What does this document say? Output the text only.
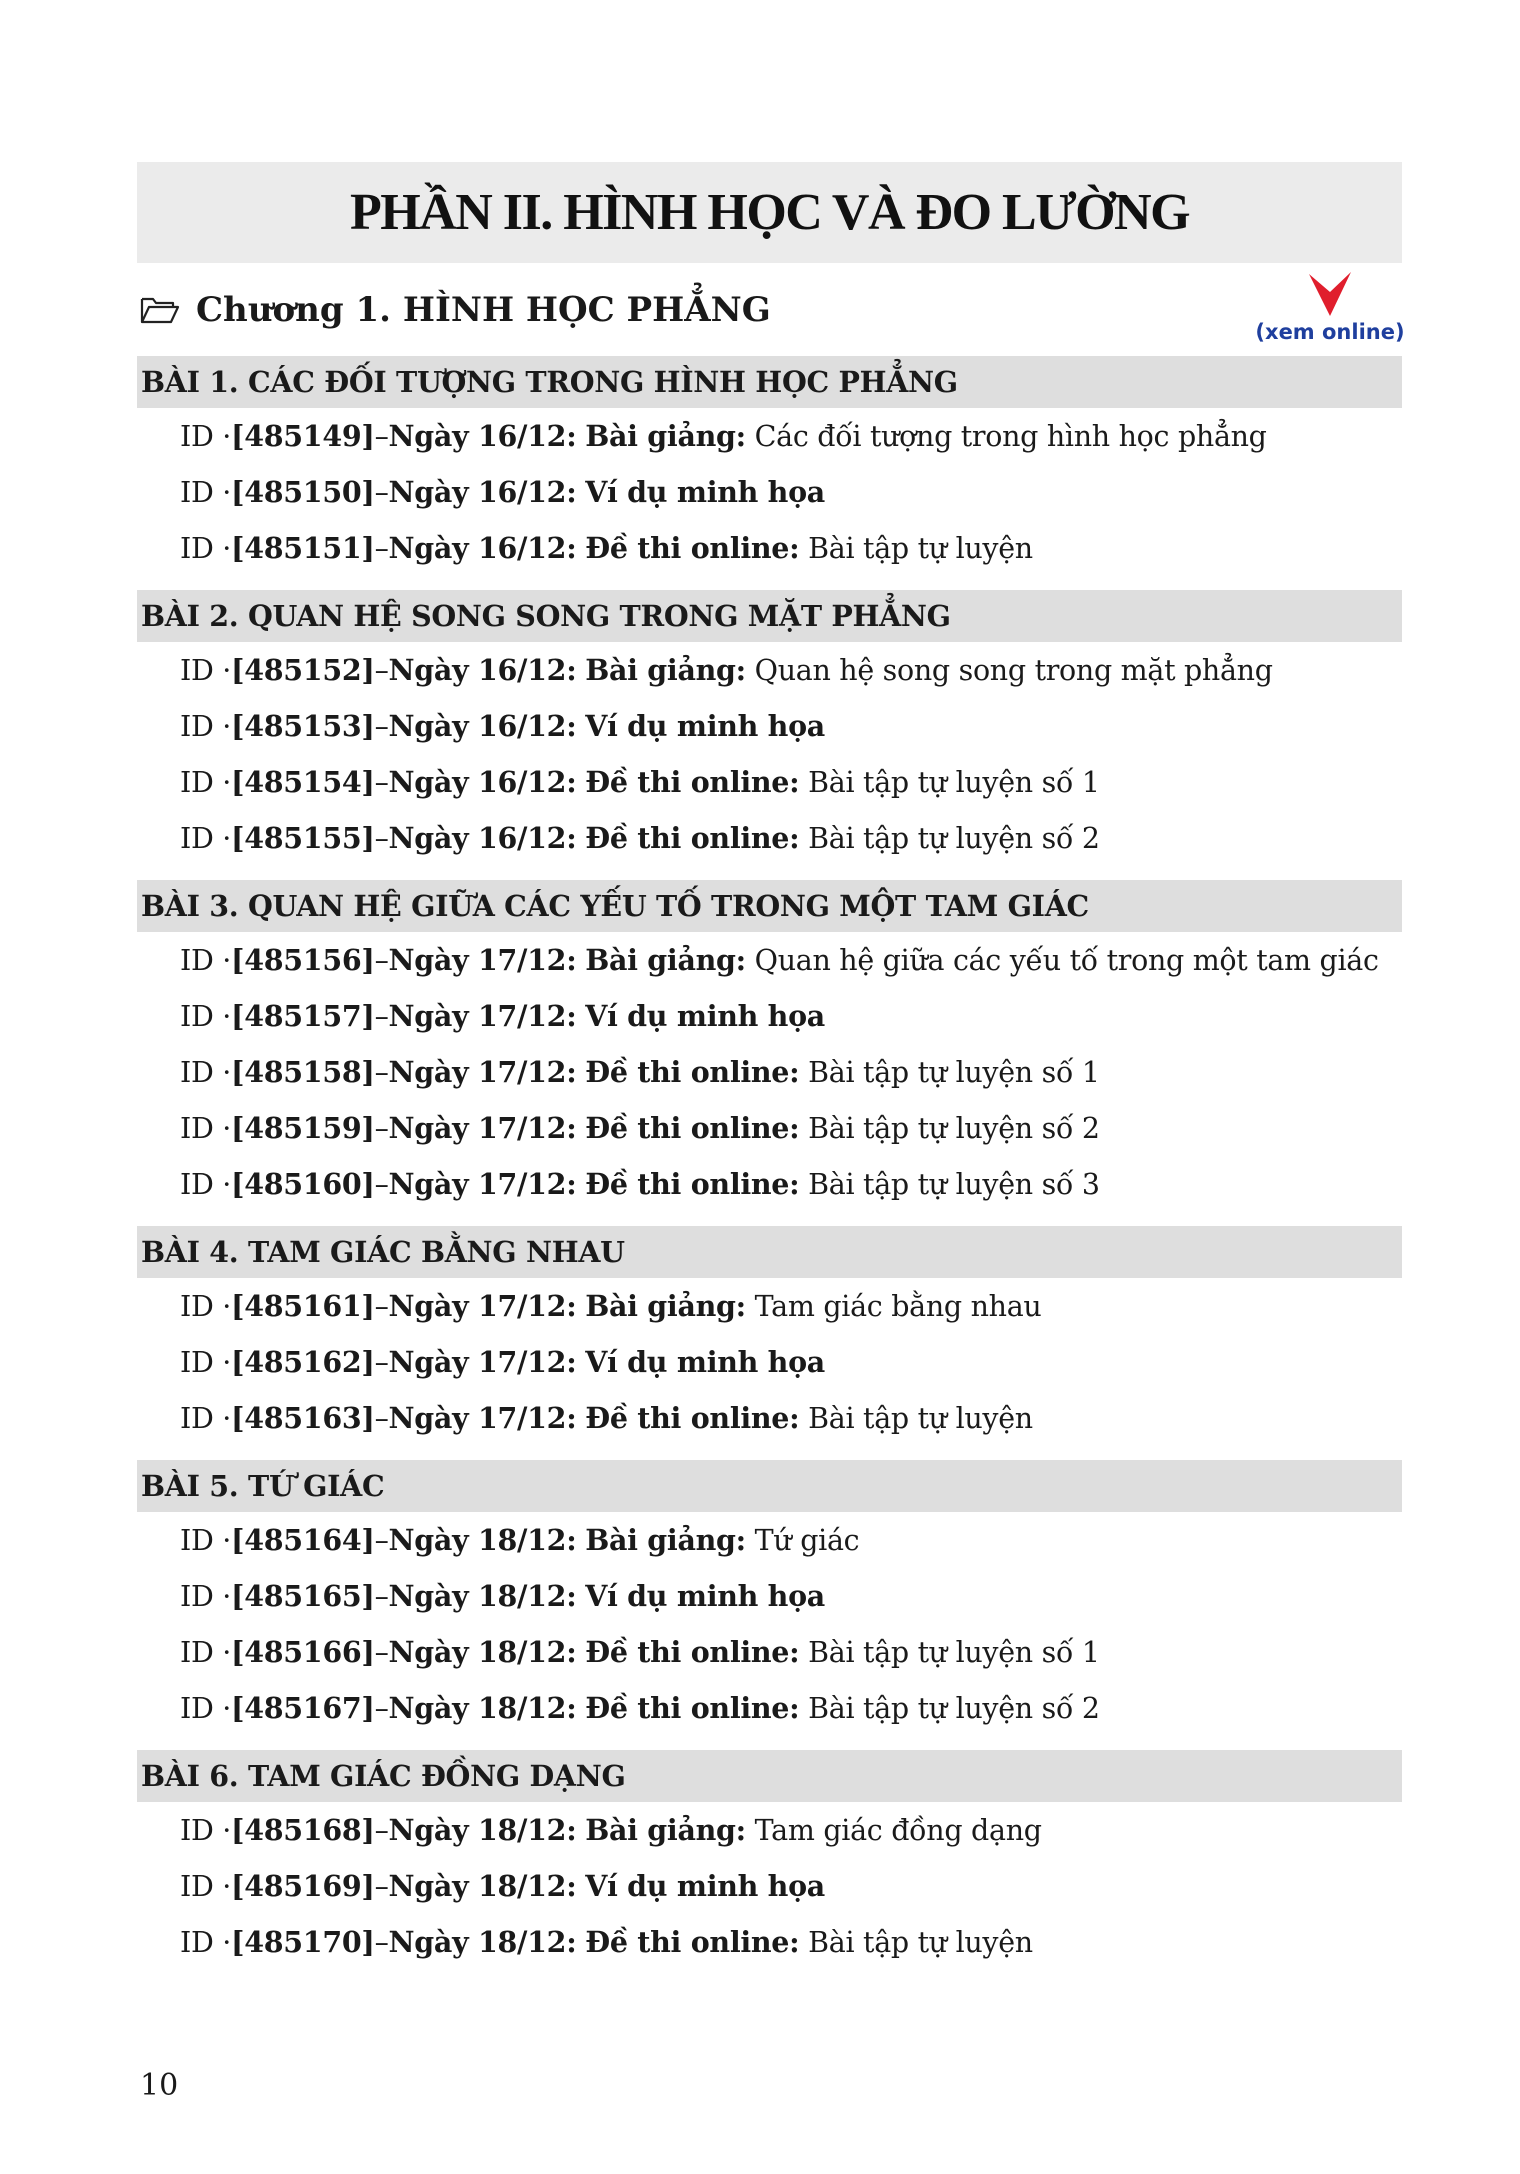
PHẦN II. HÌNH HỌC VÀ ĐO LƯỜNG
Chương 1. HÌNH HỌC PHẲNG
(xem online)
BÀI 1. CÁC ĐỐI TƯỢNG TRONG HÌNH HỌC PHẲNG
ID · [485149] – Ngày 16/12:
Bài giảng:
Các đối tượng trong hình học phẳng
ID · [485150] – Ngày 16/12:
Ví dụ minh họa
ID · [485151] – Ngày 16/12:
Đề thi online:
Bài tập tự luyện
BÀI 2. QUAN HỆ SONG SONG TRONG MẶT PHẲNG
ID · [485152] – Ngày 16/12:
Bài giảng:
Quan hệ song song trong mặt phẳng
ID · [485153] – Ngày 16/12:
Ví dụ minh họa
ID · [485154] – Ngày 16/12:
Đề thi online:
Bài tập tự luyện số 1
ID · [485155] – Ngày 16/12:
Đề thi online:
Bài tập tự luyện số 2
BÀI 3. QUAN HỆ GIỮA CÁC YẾU TỐ TRONG MỘT TAM GIÁC
ID · [485156] – Ngày 17/12:
Bài giảng:
Quan hệ giữa các yếu tố trong một tam giác
ID · [485157] – Ngày 17/12:
Ví dụ minh họa
ID · [485158] – Ngày 17/12:
Đề thi online:
Bài tập tự luyện số 1
ID · [485159] – Ngày 17/12:
Đề thi online:
Bài tập tự luyện số 2
ID · [485160] – Ngày 17/12:
Đề thi online:
Bài tập tự luyện số 3
BÀI 4. TAM GIÁC BẰNG NHAU
ID · [485161] – Ngày 17/12:
Bài giảng:
Tam giác bằng nhau
ID · [485162] – Ngày 17/12:
Ví dụ minh họa
ID · [485163] – Ngày 17/12:
Đề thi online:
Bài tập tự luyện
BÀI 5. TỨ GIÁC
ID · [485164] – Ngày 18/12:
Bài giảng:
Tứ giác
ID · [485165] – Ngày 18/12:
Ví dụ minh họa
ID · [485166] – Ngày 18/12:
Đề thi online:
Bài tập tự luyện số 1
ID · [485167] – Ngày 18/12:
Đề thi online:
Bài tập tự luyện số 2
BÀI 6. TAM GIÁC ĐỒNG DẠNG
ID · [485168] – Ngày 18/12:
Bài giảng:
Tam giác đồng dạng
ID · [485169] – Ngày 18/12:
Ví dụ minh họa
ID · [485170] – Ngày 18/12:
Đề thi online:
Bài tập tự luyện
10
